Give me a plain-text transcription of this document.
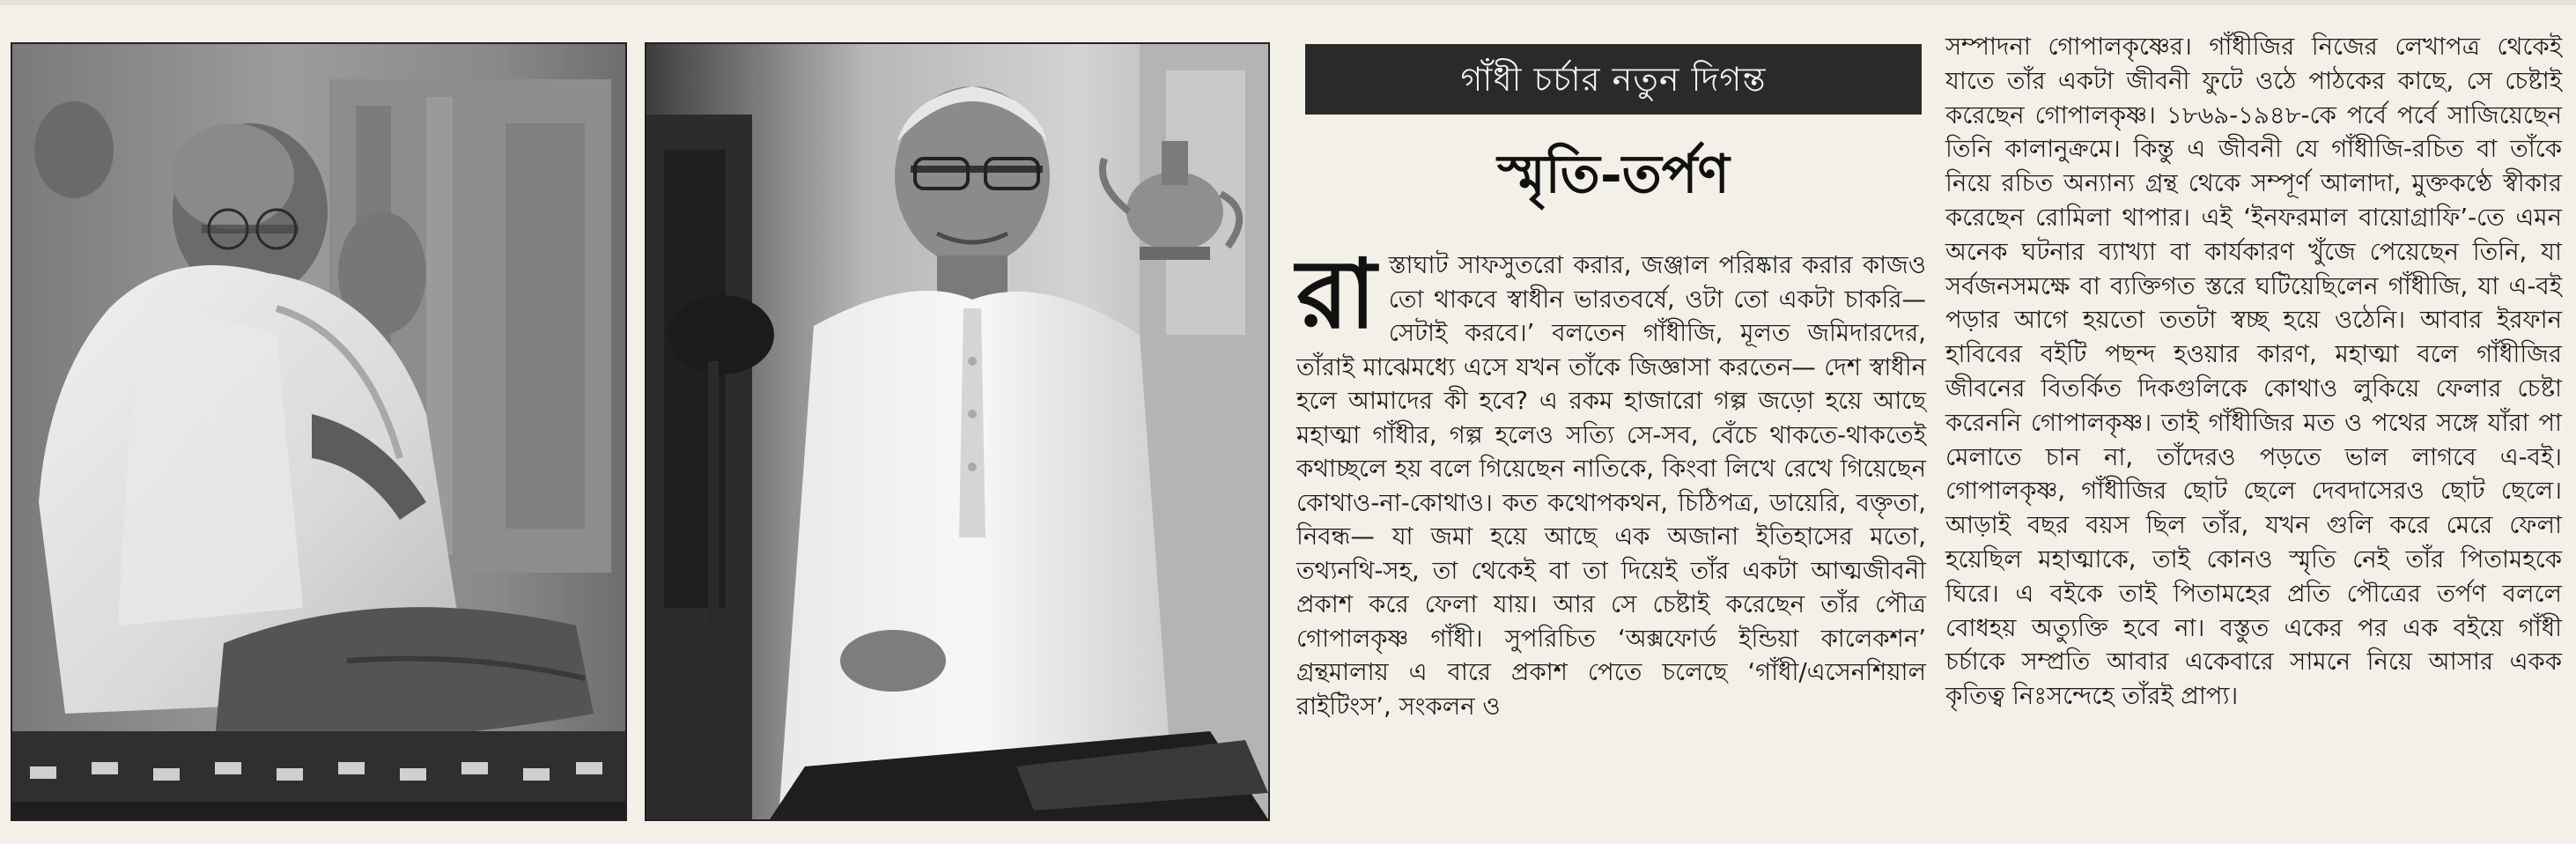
গাঁধী চর্চার নতুন দিগন্ত
স্মৃতি-তর্পণ
রা স্তাঘাট সাফসুতরো করার, জঞ্জাল পরিষ্কার করার কাজও তো থাকবে স্বাধীন ভারতবর্ষে, ওটা তো একটা চাকরি— সেটাই করবে।’ বলতেন গাঁধীজি, মূলত জমিদারদের, তাঁরাই মাঝেমধ্যে এসে যখন তাঁকে জিজ্ঞাসা করতেন— দেশ স্বাধীন হলে আমাদের কী হবে? এ রকম হাজারো গল্প জড়ো হয়ে আছে মহাত্মা গাঁধীর, গল্প হলেও সত্যি সে-সব, বেঁচে থাকতে-থাকতেই কথাচ্ছলে হয় বলে গিয়েছেন নাতিকে, কিংবা লিখে রেখে গিয়েছেন কোথাও-না-কোথাও। কত কথোপকথন, চিঠিপত্র, ডায়েরি, বক্তৃতা, নিবন্ধ— যা জমা হয়ে আছে এক অজানা ইতিহাসের মতো, তথ্যনথি-সহ, তা থেকেই বা তা দিয়েই তাঁর একটা আত্মজীবনী প্রকাশ করে ফেলা যায়। আর সে চেষ্টাই করেছেন তাঁর পৌত্র গোপালকৃষ্ণ গাঁধী। সুপরিচিত ‘অক্সফোর্ড ইন্ডিয়া কালেকশন’ গ্রন্থমালায় এ বারে প্রকাশ পেতে চলেছে ‘গাঁধী/এসেনশিয়াল রাইটিংস’, সংকলন ও
সম্পাদনা গোপালকৃষ্ণের। গাঁধীজির নিজের লেখাপত্র থেকেই যাতে তাঁর একটা জীবনী ফুটে ওঠে পাঠকের কাছে, সে চেষ্টাই করেছেন গোপালকৃষ্ণ। ১৮৬৯-১৯৪৮-কে পর্বে পর্বে সাজিয়েছেন তিনি কালানুক্রমে। কিন্তু এ জীবনী যে গাঁধীজি-রচিত বা তাঁকে নিয়ে রচিত অন্যান্য গ্রন্থ থেকে সম্পূর্ণ আলাদা, মুক্তকণ্ঠে স্বীকার করেছেন রোমিলা থাপার। এই ‘ইনফরমাল বায়োগ্রাফি’-তে এমন অনেক ঘটনার ব্যাখ্যা বা কার্যকারণ খুঁজে পেয়েছেন তিনি, যা সর্বজনসমক্ষে বা ব্যক্তিগত স্তরে ঘটিয়েছিলেন গাঁধীজি, যা এ-বই পড়ার আগে হয়তো ততটা স্বচ্ছ হয়ে ওঠেনি। আবার ইরফান হাবিবের বইটি পছন্দ হওয়ার কারণ, মহাত্মা বলে গাঁধীজির জীবনের বিতর্কিত দিকগুলিকে কোথাও লুকিয়ে ফেলার চেষ্টা করেননি গোপালকৃষ্ণ। তাই গাঁধীজির মত ও পথের সঙ্গে যাঁরা পা মেলাতে চান না, তাঁদেরও পড়তে ভাল লাগবে এ-বই। গোপালকৃষ্ণ, গাঁধীজির ছোট ছেলে দেবদাসেরও ছোট ছেলে। আড়াই বছর বয়স ছিল তাঁর, যখন গুলি করে মেরে ফেলা হয়েছিল মহাত্মাকে, তাই কোনও স্মৃতি নেই তাঁর পিতামহকে ঘিরে। এ বইকে তাই পিতামহের প্রতি পৌত্রের তর্পণ বললে বোধহয় অত্যুক্তি হবে না। বস্তুত একের পর এক বইয়ে গাঁধী চর্চাকে সম্প্রতি আবার একেবারে সামনে নিয়ে আসার একক কৃতিত্ব নিঃসন্দেহে তাঁরই প্রাপ্য।
